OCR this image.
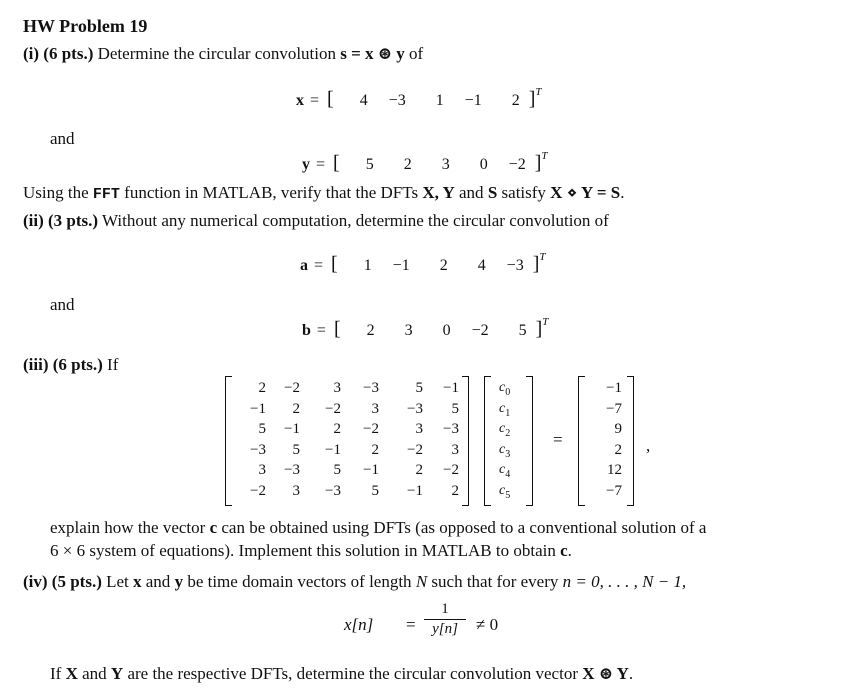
HW Problem 19
(i) (6 pts.) Determine the circular convolution s = x ⊛ y of
x = [ 4 −3 1 −1 2 ]$^T$
and
y = [ 5 2 3 0 −2 ]$^T$
Using the FFT function in MATLAB, verify that the DFTs X, Y and S satisfy X ⋄ Y = S.
(ii) (3 pts.) Without any numerical computation, determine the circular convolution of
a = [ 1 −1 2 4 −3 ]$^T$
and
b = [ 2 3 0 −2 5 ]$^T$
(iii) (6 pts.) If
=	,
2	−2	3	−3	5	−1
−1	2	−2	3	−3	5
5	−1	2	−2	3	−3
−3	5	−1	2	−2	3
3	−3	5	−1	2	−2
−2	3	−3	5	−1	2
$c_0$
$c_1$
$c_2$
$c_3$
$c_4$
$c_5$
−1
−7
9
2
12
−7
explain how the vector c can be obtained using DFTs (as opposed to a conventional solution of a
6 × 6 system of equations). Implement this solution in MATLAB to obtain c.
(iv) (5 pts.) Let x and y be time domain vectors of length N such that for every n = 0, . . . , N − 1,
x[n] =
1
y[n]	≠ 0
If X and Y are the respective DFTs, determine the circular convolution vector X ⊛ Y.
